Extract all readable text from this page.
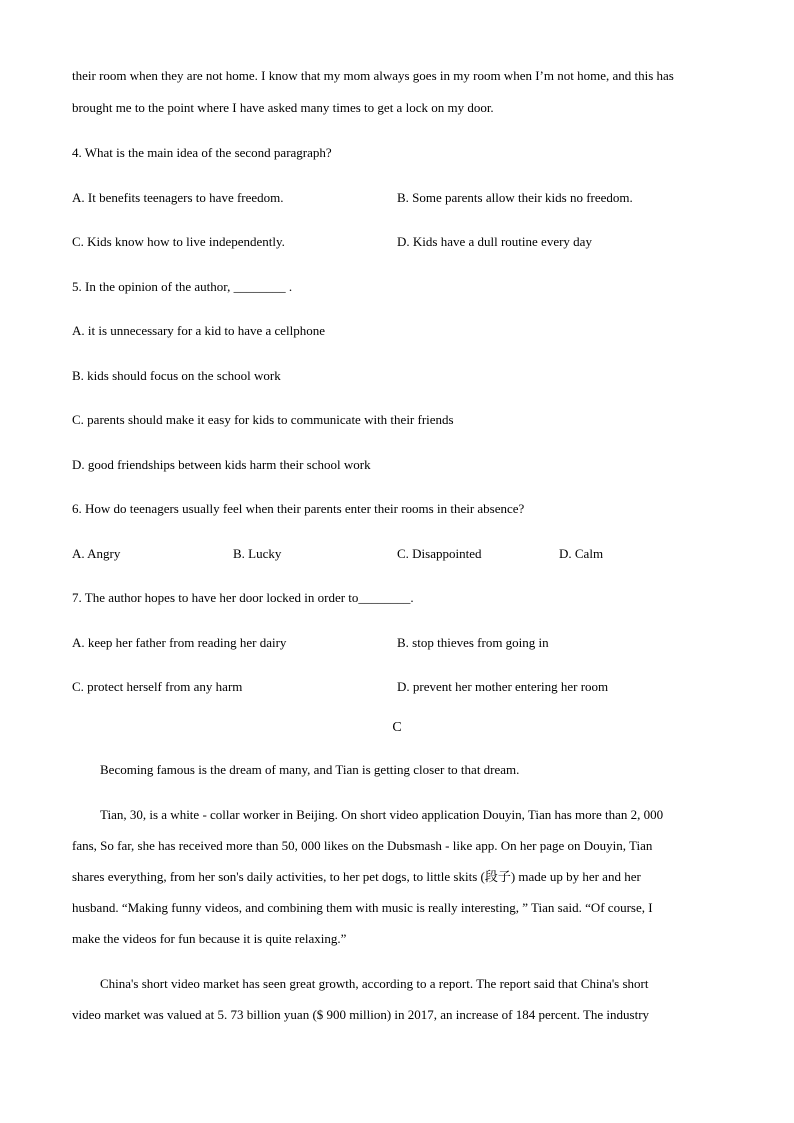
their room when they are not home. I know that my mom always goes in my room when I’m not home, and this has
brought me to the point where I have asked many times to get a lock on my door.
4. What is the main idea of the second paragraph?
A. It benefits teenagers to have freedom.	B. Some parents allow their kids no freedom.
C. Kids know how to live independently.	D. Kids have a dull routine every day
5. In the opinion of the author, ________ .
A. it is unnecessary for a kid to have a cellphone
B. kids should focus on the school work
C. parents should make it easy for kids to communicate with their friends
D. good friendships between kids harm their school work
6. How do teenagers usually feel when their parents enter their rooms in their absence?
A. Angry	B. Lucky	C. Disappointed	D. Calm
7. The author hopes to have her door locked in order to________.
A. keep her father from reading her dairy	B. stop thieves from going in
C. protect herself from any harm	D. prevent her mother entering her room
C
Becoming famous is the dream of many, and Tian is getting closer to that dream.
Tian, 30, is a white - collar worker in Beijing. On short video application Douyin, Tian has more than 2, 000
fans, So far, she has received more than 50, 000 likes on the Dubsmash - like app. On her page on Douyin, Tian
shares everything, from her son's daily activities, to her pet dogs, to little skits (段子) made up by her and her
husband. “Making funny videos, and combining them with music is really interesting, ” Tian said. “Of course, I
make the videos for fun because it is quite relaxing.”
China's short video market has seen great growth, according to a report. The report said that China's short
video market was valued at 5. 73 billion yuan ($ 900 million) in 2017, an increase of 184 percent. The industry
